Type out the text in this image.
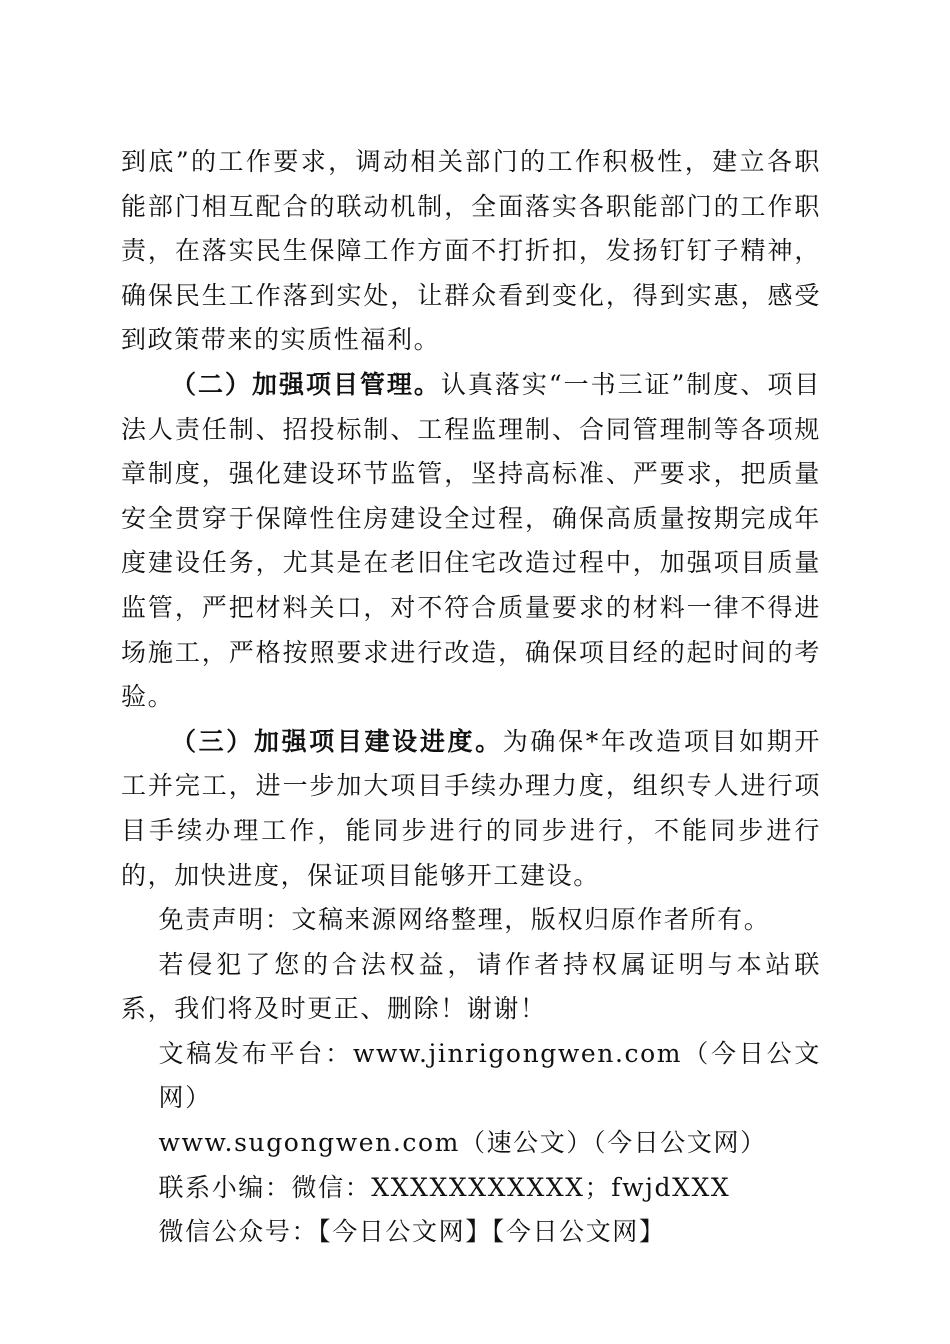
到底”的工作要求，调动相关部门的工作积极性，建立各职能部门相互配合的联动机制，全面落实各职能部门的工作职责，在落实民生保障工作方面不打折扣，发扬钉钉子精神，确保民生工作落到实处，让群众看到变化，得到实惠，感受到政策带来的实质性福利。

（二）加强项目管理。认真落实“一书三证”制度、项目法人责任制、招投标制、工程监理制、合同管理制等各项规章制度，强化建设环节监管，坚持高标准、严要求，把质量安全贯穿于保障性住房建设全过程，确保高质量按期完成年度建设任务，尤其是在老旧住宅改造过程中，加强项目质量监管，严把材料关口，对不符合质量要求的材料一律不得进场施工，严格按照要求进行改造，确保项目经的起时间的考验。

（三）加强项目建设进度。为确保*年改造项目如期开工并完工，进一步加大项目手续办理力度，组织专人进行项目手续办理工作，能同步进行的同步进行，不能同步进行的，加快进度，保证项目能够开工建设。

免责声明：文稿来源网络整理，版权归原作者所有。

若侵犯了您的合法权益，请作者持权属证明与本站联系，我们将及时更正、删除！谢谢！

文稿发布平台：www.jinrigongwen.com（今日公文网）

www.sugongwen.com（速公文）（今日公文网）

联系小编：微信：XXXXXXXXXXX；fwjdXXX

微信公众号：【今日公文网】【今日公文网】
